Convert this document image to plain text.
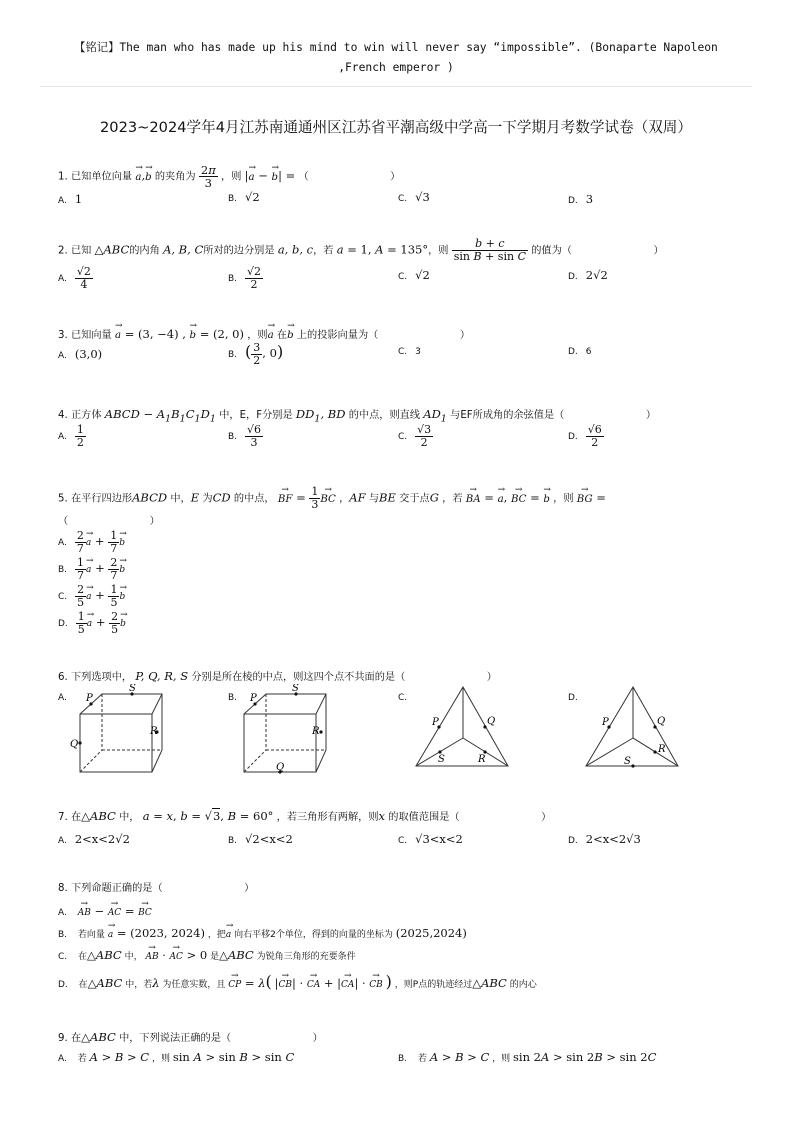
【铭记】The man who has made up his mind to win will never say “impossible”. (Bonaparte Napoleon
,French emperor )
2023~2024学年4月江苏南通通州区江苏省平潮高级中学高一下学期月考数学试卷（双周）
1. 已知单位向量 → a,→ b 的夹角为 $\frac{2\pi}{3}$ ，则 |→ a − → b| = （　　　　　　　　）
A. 1	B. √2	C. √3	D. 3
2. 已知 △ABC的内角 A, B, C所对的边分别是 a, b, c，若 a = 1, A = 135°，则 $\frac{b + c}{\text{sin B + sin C}}$ 的值为（　　　　　　　　）
A. $\frac{√2}{4}$	B. $\frac{√2}{2}$	C. √2	D. 2√2
3. 已知向量 → a = (3, −4) , → b = (2, 0) ，则→ a 在→ b 上的投影向量为（　　　　　　　　）
A. (3,0)	B. ( $\frac{3}{2}$ , 0)	C. 3	D. 6
4. 正方体 ABCD − $A_1B_1C_1D_1$ 中，E，F分别是 $DD_1$, BD 的中点，则直线 $AD_1$ 与EF所成角的余弦值是（　　　　　　　　）
A. $\frac{1}{2}$	B. $\frac{√6}{3}$	C. $\frac{√3}{2}$	D. $\frac{√6}{2}$
5. 在平行四边形ABCD 中，E 为CD 的中点， → BF = $\frac{1}{3}$
→ BC ，AF 与BE 交于点G ，若 → BA = → a, → BC = → b ，则 → BG =
（　　　　　　　　）
A. $\frac{2}{7}$
→ $a + \frac{1}{7}$
→ b
B. $\frac{1}{7}$
→ $a + \frac{2}{7}$
→ b
C. $\frac{2}{5}$
→ $a + \frac{1}{5}$
→ b
D. $\frac{1}{5}$
→ $a + \frac{2}{5}$
→ b
6. 下列选项中， P, Q, R, S 分别是所在棱的中点，则这四个点不共面的是（　　　　　　　　）
A.	B.	C.	D.
P
S
R
Q
P
S
R
Q
P	Q
S	R
P	Q
S
R
7. 在△ABC 中， a = x, b = √3, B = 60° ，若三角形有两解，则x 的取值范围是（　　　　　　　　）
A. 2<x<2√2	B. √2<x<2	C. √3<x<2	D. 2<x<2√3
8. 下列命题正确的是（　　　　　　　　）
A. → AB − → AC = → BC
B. 若向量 → a = (2023, 2024) ，把→ a 向右平移2个单位，得到的向量的坐标为 (2025,2024)
C. 在△ABC 中， → AB · → AC > 0 是△ABC 为锐角三角形的充要条件
D. 在△ABC 中，若λ 为任意实数，且 → CP = λ( |→ CB| · → CA + |→ CA| · → CB ) ，则P点的轨迹经过△ABC 的内心
9. 在△ABC 中，下列说法正确的是（　　　　　　　　）
A. 若 A > B > C ，则 sin A > sin B > sin C	B. 若 A > B > C ，则 sin 2A > sin 2B > sin 2C
